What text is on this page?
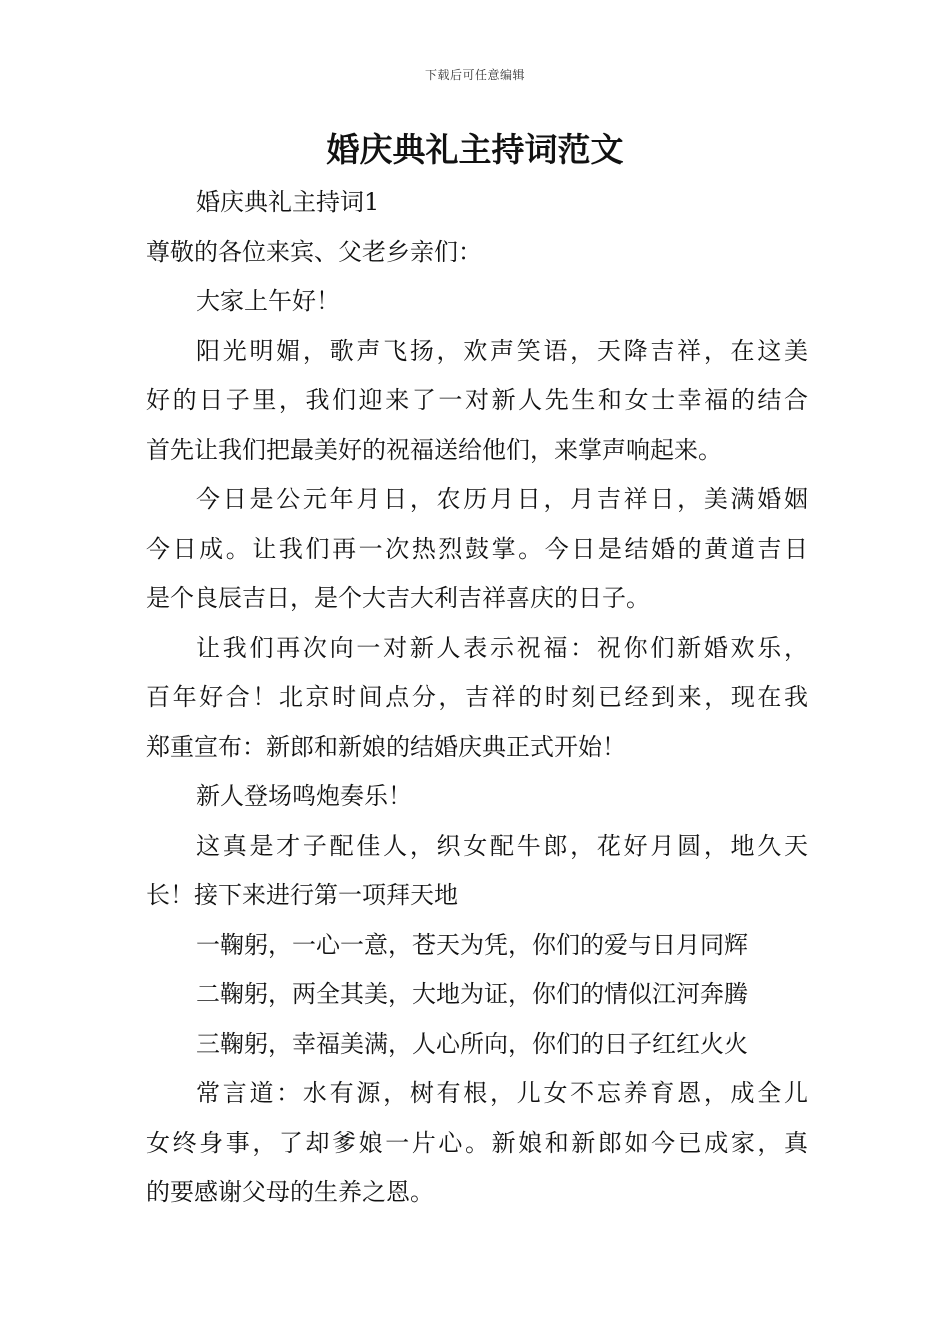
下载后可任意编辑
婚庆典礼主持词范文
婚庆典礼主持词1
尊敬的各位来宾、父老乡亲们：
大家上午好！
阳光明媚，歌声飞扬，欢声笑语，天降吉祥，在这美
好的日子里，我们迎来了一对新人先生和女士幸福的结合
首先让我们把最美好的祝福送给他们，来掌声响起来。
今日是公元年月日，农历月日，月吉祥日，美满婚姻
今日成。让我们再一次热烈鼓掌。今日是结婚的黄道吉日
是个良辰吉日，是个大吉大利吉祥喜庆的日子。
让我们再次向一对新人表示祝福：祝你们新婚欢乐，
百年好合！北京时间点分，吉祥的时刻已经到来，现在我
郑重宣布：新郎和新娘的结婚庆典正式开始！
新人登场鸣炮奏乐！
这真是才子配佳人，织女配牛郎，花好月圆，地久天
长！接下来进行第一项拜天地
一鞠躬，一心一意，苍天为凭，你们的爱与日月同辉
二鞠躬，两全其美，大地为证，你们的情似江河奔腾
三鞠躬，幸福美满，人心所向，你们的日子红红火火
常言道：水有源，树有根，儿女不忘养育恩，成全儿
女终身事，了却爹娘一片心。新娘和新郎如今已成家，真
的要感谢父母的生养之恩。
